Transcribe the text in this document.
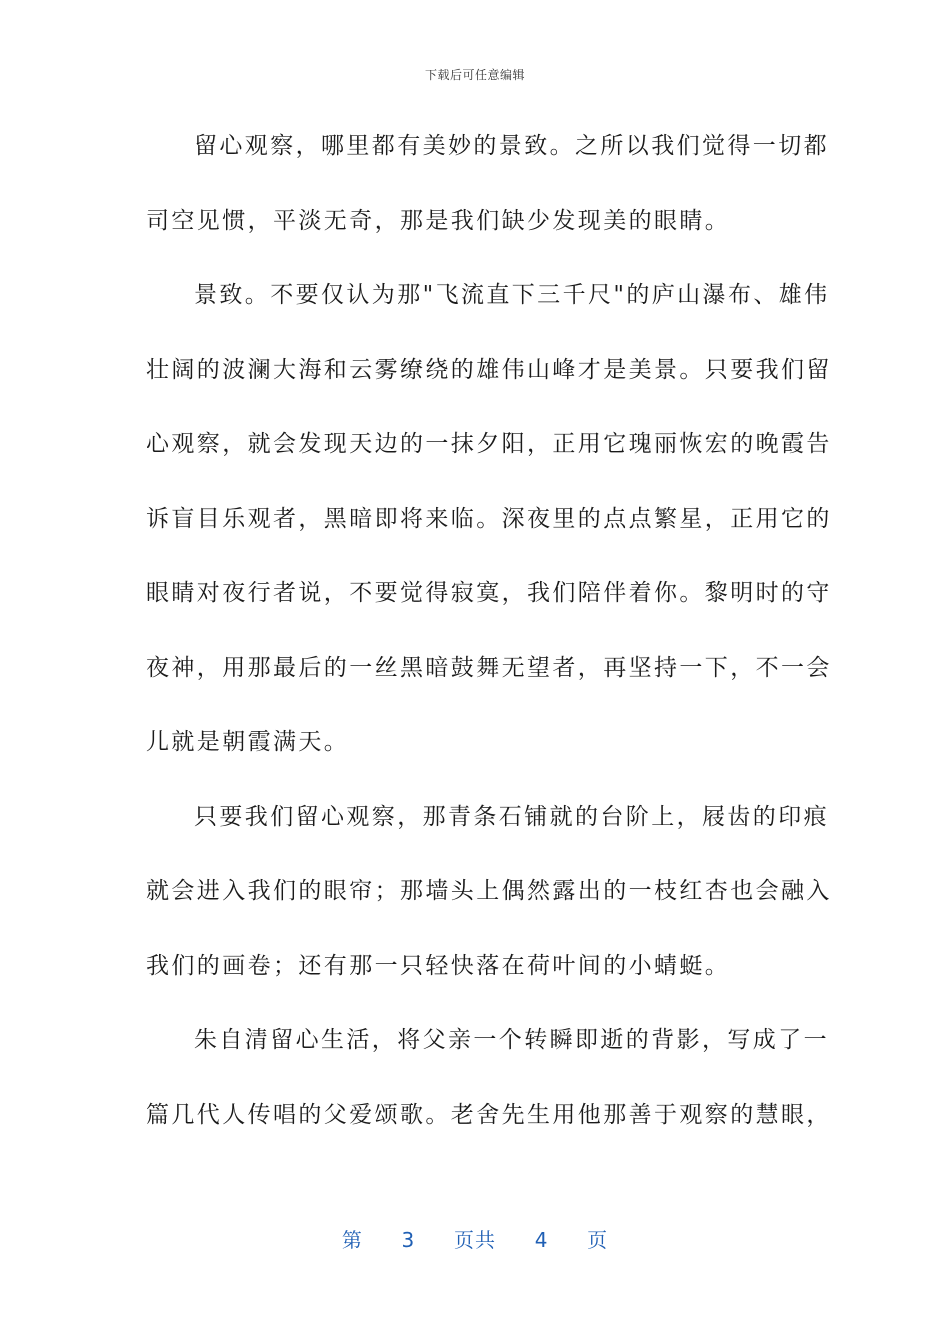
下载后可任意编辑
留心观察，哪里都有美妙的景致。之所以我们觉得一切都
司空见惯，平淡无奇，那是我们缺少发现美的眼睛。
景致。不要仅认为那"飞流直下三千尺"的庐山瀑布、雄伟
壮阔的波澜大海和云雾缭绕的雄伟山峰才是美景。只要我们留
心观察，就会发现天边的一抹夕阳，正用它瑰丽恢宏的晚霞告
诉盲目乐观者，黑暗即将来临。深夜里的点点繁星，正用它的
眼睛对夜行者说，不要觉得寂寞，我们陪伴着你。黎明时的守
夜神，用那最后的一丝黑暗鼓舞无望者，再坚持一下，不一会
儿就是朝霞满天。
只要我们留心观察，那青条石铺就的台阶上，屐齿的印痕
就会进入我们的眼帘；那墙头上偶然露出的一枝红杏也会融入
我们的画卷；还有那一只轻快落在荷叶间的小蜻蜓。
朱自清留心生活，将父亲一个转瞬即逝的背影，写成了一
篇几代人传唱的父爱颂歌。老舍先生用他那善于观察的慧眼，
第 3 页共 4 页
